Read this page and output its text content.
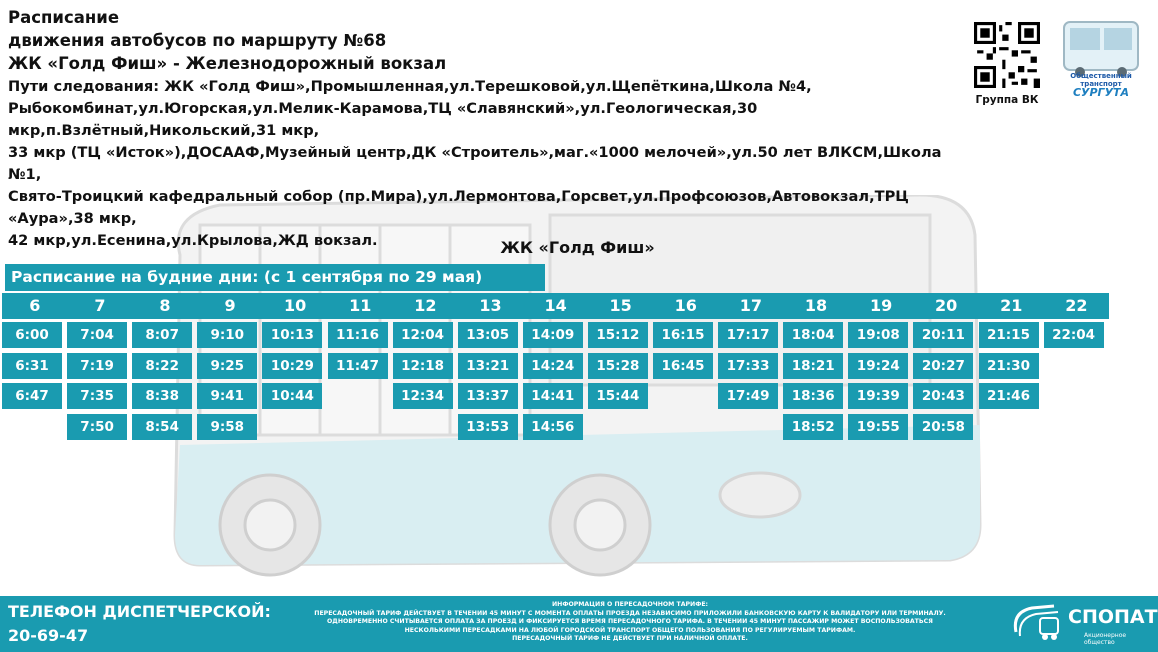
Расписание
движения автобусов по маршруту №68
ЖК «Голд Фиш» - Железнодорожный вокзал
Пути следования: ЖК «Голд Фиш»,Промышленная,ул.Терешковой,ул.Щепёткина,Школа №4,
Рыбокомбинат,ул.Югорская,ул.Мелик-Карамова,ТЦ «Славянский»,ул.Геологическая,30 мкр,п.Взлётный,Никольский,31 мкр,
33 мкр (ТЦ «Исток»),ДОСААФ,Музейный центр,ДК «Строитель»,маг.«1000 мелочей»,ул.50 лет ВЛКСМ,Школа №1,
Свято-Троицкий кафедральный собор (пр.Мира),ул.Лермонтова,Горсвет,ул.Профсоюзов,Автовокзал,ТРЦ «Аура»,38 мкр,
42 мкр,ул.Есенина,ул.Крылова,ЖД вокзал.
Группа ВК
Общественный
транспорт
СУРГУТА
ЖК «Голд Фиш»
Расписание на будние дни: (с 1 сентября по 29 мая)
6
6:00
6:31
6:47
7
7:04
7:19
7:35
7:50
8
8:07
8:22
8:38
8:54
9
9:10
9:25
9:41
9:58
10
10:13
10:29
10:44
11
11:16
11:47
12
12:04
12:18
12:34
13
13:05
13:21
13:37
13:53
14
14:09
14:24
14:41
14:56
15
15:12
15:28
15:44
16
16:15
16:45
17
17:17
17:33
17:49
18
18:04
18:21
18:36
18:52
19
19:08
19:24
19:39
19:55
20
20:11
20:27
20:43
20:58
21
21:15
21:30
21:46
22
22:04
ТЕЛЕФОН ДИСПЕТЧЕРСКОЙ:
20-69-47
ИНФОРМАЦИЯ О ПЕРЕСАДОЧНОМ ТАРИФЕ:
ПЕРЕСАДОЧНЫЙ ТАРИФ ДЕЙСТВУЕТ В ТЕЧЕНИИ 45 МИНУТ С МОМЕНТА ОПЛАТЫ ПРОЕЗДА НЕЗАВИСИМО ПРИЛОЖИЛИ БАНКОВСКУЮ КАРТУ К ВАЛИДАТОРУ ИЛИ ТЕРМИНАЛУ.
ОДНОВРЕМЕННО СЧИТЫВАЕТСЯ ОПЛАТА ЗА ПРОЕЗД И ФИКСИРУЕТСЯ ВРЕМЯ ПЕРЕСАДОЧНОГО ТАРИФА. В ТЕЧЕНИИ 45 МИНУТ ПАССАЖИР МОЖЕТ ВОСПОЛЬЗОВАТЬСЯ
НЕСКОЛЬКИМИ ПЕРЕСАДКАМИ НА ЛЮБОЙ ГОРОДСКОЙ ТРАНСПОРТ ОБЩЕГО ПОЛЬЗОВАНИЯ ПО РЕГУЛИРУЕМЫМ ТАРИФАМ.
ПЕРЕСАДОЧНЫЙ ТАРИФ НЕ ДЕЙСТВУЕТ ПРИ НАЛИЧНОЙ ОПЛАТЕ.
СПОПАТ
Акционерное общество
